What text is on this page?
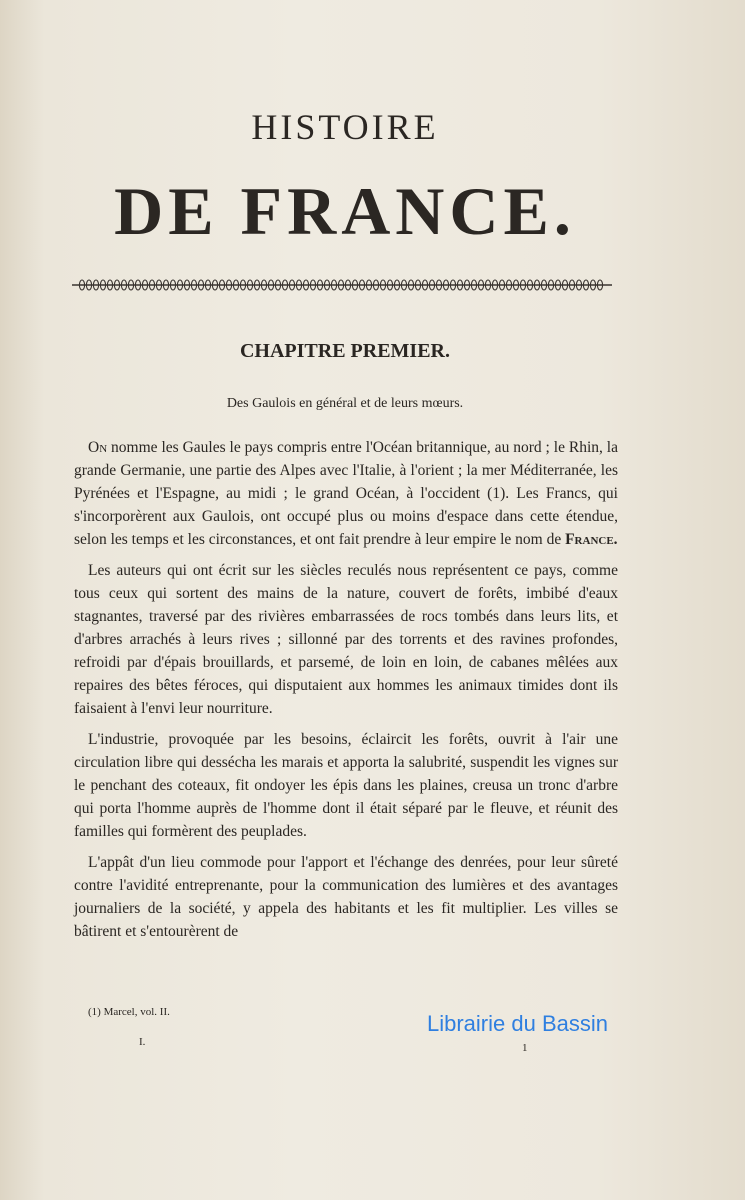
HISTOIRE
DE FRANCE.
CHAPITRE PREMIER.
Des Gaulois en général et de leurs mœurs.

On nomme les Gaules le pays compris entre l'Océan britannique, au nord ; le Rhin, la grande Germanie, une partie des Alpes avec l'Italie, à l'orient ; la mer Méditerranée, les Pyrénées et l'Espagne, au midi ; le grand Océan, à l'occident (1). Les Francs, qui s'incorporèrent aux Gaulois, ont occupé plus ou moins d'espace dans cette étendue, selon les temps et les circonstances, et ont fait prendre à leur empire le nom de France.

Les auteurs qui ont écrit sur les siècles reculés nous représentent ce pays, comme tous ceux qui sortent des mains de la nature, couvert de forêts, imbibé d'eaux stagnantes, traversé par des rivières embarrassées de rocs tombés dans leurs lits, et d'arbres arrachés à leurs rives ; sillonné par des torrents et des ravines profondes, refroidi par d'épais brouillards, et parsemé, de loin en loin, de cabanes mêlées aux repaires des bêtes féroces, qui disputaient aux hommes les animaux timides dont ils faisaient à l'envi leur nourriture.

L'industrie, provoquée par les besoins, éclaircit les forêts, ouvrit à l'air une circulation libre qui dessécha les marais et apporta la salubrité, suspendit les vignes sur le penchant des coteaux, fit ondoyer les épis dans les plaines, creusa un tronc d'arbre qui porta l'homme auprès de l'homme dont il était séparé par le fleuve, et réunit des familles qui formèrent des peuplades.

L'appât d'un lieu commode pour l'apport et l'échange des denrées, pour leur sûreté contre l'avidité entreprenante, pour la communication des lumières et des avantages journaliers de la société, y appela des habitants et les fit multiplier. Les villes se bâtirent et s'entourèrent de

(1) Marcel, vol. II.
I.	1
Librairie du Bassin
